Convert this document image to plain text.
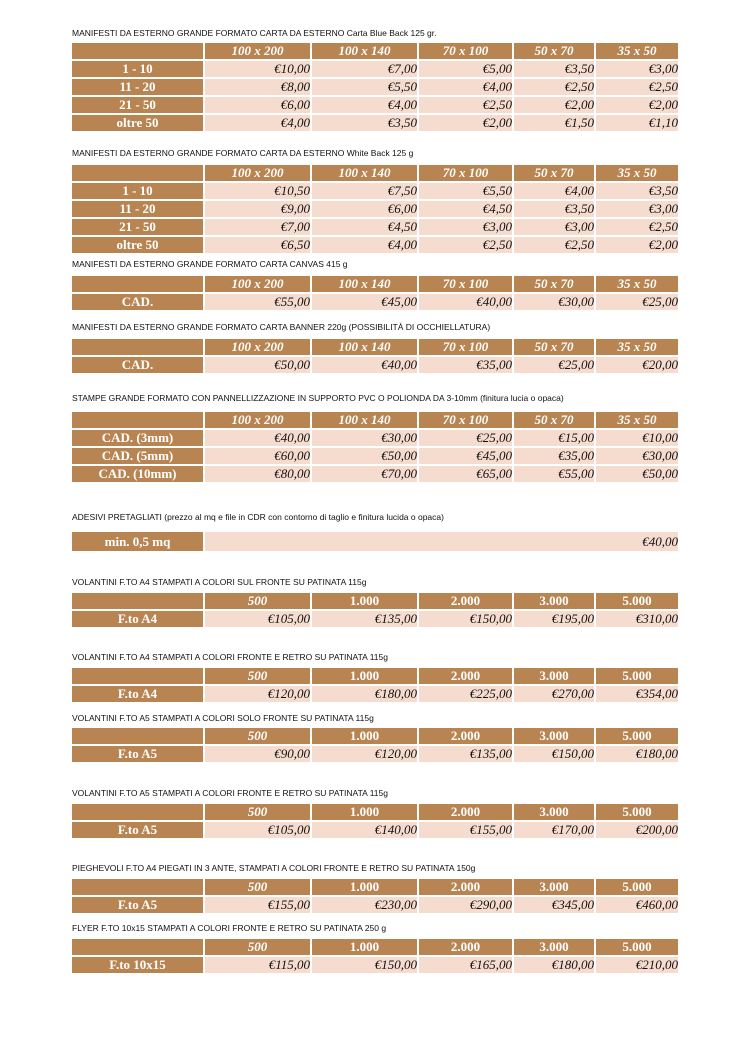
MANIFESTI DA ESTERNO GRANDE FORMATO CARTA DA ESTERNO Carta Blue Back 125 gr.
	100 x 200	100 x 140	70 x 100	50 x 70	35 x 50
1 - 10	€10,00	€7,00	€5,00	€3,50	€3,00
11 - 20	€8,00	€5,50	€4,00	€2,50	€2,50
21 - 50	€6,00	€4,00	€2,50	€2,00	€2,00
oltre 50	€4,00	€3,50	€2,00	€1,50	€1,10
MANIFESTI DA ESTERNO GRANDE FORMATO CARTA DA ESTERNO White Back 125 g
	100 x 200	100 x 140	70 x 100	50 x 70	35 x 50
1 - 10	€10,50	€7,50	€5,50	€4,00	€3,50
11 - 20	€9,00	€6,00	€4,50	€3,50	€3,00
21 - 50	€7,00	€4,50	€3,00	€3,00	€2,50
oltre 50	€6,50	€4,00	€2,50	€2,50	€2,00
MANIFESTI DA ESTERNO GRANDE FORMATO CARTA CANVAS 415 g
	100 x 200	100 x 140	70 x 100	50 x 70	35 x 50
CAD.	€55,00	€45,00	€40,00	€30,00	€25,00
MANIFESTI DA ESTERNO GRANDE FORMATO CARTA BANNER 220g (POSSIBILITÀ DI OCCHIELLATURA)
	100 x 200	100 x 140	70 x 100	50 x 70	35 x 50
CAD.	€50,00	€40,00	€35,00	€25,00	€20,00
STAMPE GRANDE FORMATO CON PANNELLIZZAZIONE IN SUPPORTO PVC O POLIONDA DA 3-10mm (finitura lucia o opaca)
	100 x 200	100 x 140	70 x 100	50 x 70	35 x 50
CAD. (3mm)	€40,00	€30,00	€25,00	€15,00	€10,00
CAD. (5mm)	€60,00	€50,00	€45,00	€35,00	€30,00
CAD. (10mm)	€80,00	€70,00	€65,00	€55,00	€50,00
ADESIVI PRETAGLIATI (prezzo al mq e file in CDR con contorno di taglio e finitura lucida o opaca)
min. 0,5 mq	€40,00
VOLANTINI F.TO A4 STAMPATI A COLORI SUL FRONTE SU PATINATA 115g
	500	1.000	2.000	3.000	5.000
F.to A4	€105,00	€135,00	€150,00	€195,00	€310,00
VOLANTINI F.TO A4 STAMPATI A COLORI FRONTE E RETRO SU PATINATA 115g
	500	1.000	2.000	3.000	5.000
F.to A4	€120,00	€180,00	€225,00	€270,00	€354,00
VOLANTINI F.TO A5 STAMPATI A COLORI SOLO FRONTE SU PATINATA 115g
	500	1.000	2.000	3.000	5.000
F.to A5	€90,00	€120,00	€135,00	€150,00	€180,00
VOLANTINI F.TO A5 STAMPATI A COLORI FRONTE E RETRO SU PATINATA 115g
	500	1.000	2.000	3.000	5.000
F.to A5	€105,00	€140,00	€155,00	€170,00	€200,00
PIEGHEVOLI F.TO A4 PIEGATI IN 3 ANTE, STAMPATI A COLORI FRONTE E RETRO SU PATINATA 150g
	500	1.000	2.000	3.000	5.000
F.to A5	€155,00	€230,00	€290,00	€345,00	€460,00
FLYER F.TO 10x15 STAMPATI A COLORI FRONTE E RETRO SU PATINATA 250 g
	500	1.000	2.000	3.000	5.000
F.to 10x15	€115,00	€150,00	€165,00	€180,00	€210,00
